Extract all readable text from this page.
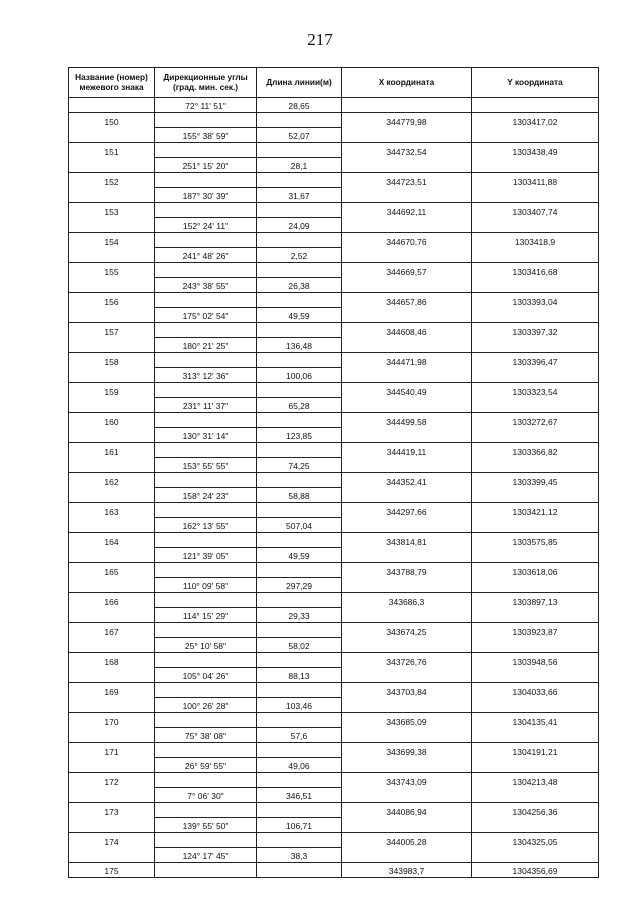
217
Название (номер) межевого знака	Дирекционные углы (град. мин. сек.)	Длина линии(м)	X координата	Y координата
	72° 11' 51"	28,65		
150			344779,98	1303417,02
	155° 38' 59"	52,07		
151			344732,54	1303438,49
	251° 15' 20"	28,1		
152			344723,51	1303411,88
	187° 30' 39"	31,67		
153			344692,11	1303407,74
	152° 24' 11"	24,09		
154			344670,76	1303418,9
	241° 48' 26"	2,52		
155			344669,57	1303416,68
	243° 38' 55"	26,38		
156			344657,86	1303393,04
	175° 02' 54"	49,59		
157			344608,46	1303397,32
	180° 21' 25"	136,48		
158			344471,98	1303396,47
	313° 12' 36"	100,06		
159			344540,49	1303323,54
	231° 11' 37"	65,28		
160			344499,58	1303272,67
	130° 31' 14"	123,85		
161			344419,11	1303366,82
	153° 55' 55"	74,25		
162			344352,41	1303399,45
	158° 24' 23"	58,88		
163			344297,66	1303421,12
	162° 13' 55"	507,04		
164			343814,81	1303575,85
	121° 39' 05"	49,59		
165			343788,79	1303618,06
	110° 09' 58"	297,29		
166			343686,3	1303897,13
	114° 15' 29"	29,33		
167			343674,25	1303923,87
	25° 10' 58"	58,02		
168			343726,76	1303948,56
	105° 04' 26"	88,13		
169			343703,84	1304033,66
	100° 26' 28"	103,46		
170			343685,09	1304135,41
	75° 38' 08"	57,6		
171			343699,38	1304191,21
	26° 59' 55"	49,06		
172			343743,09	1304213,48
	7° 06' 30"	346,51		
173			344086,94	1304256,36
	139° 55' 50"	106,71		
174			344005,28	1304325,05
	124° 17' 45"	38,3		
175			343983,7	1304356,69
